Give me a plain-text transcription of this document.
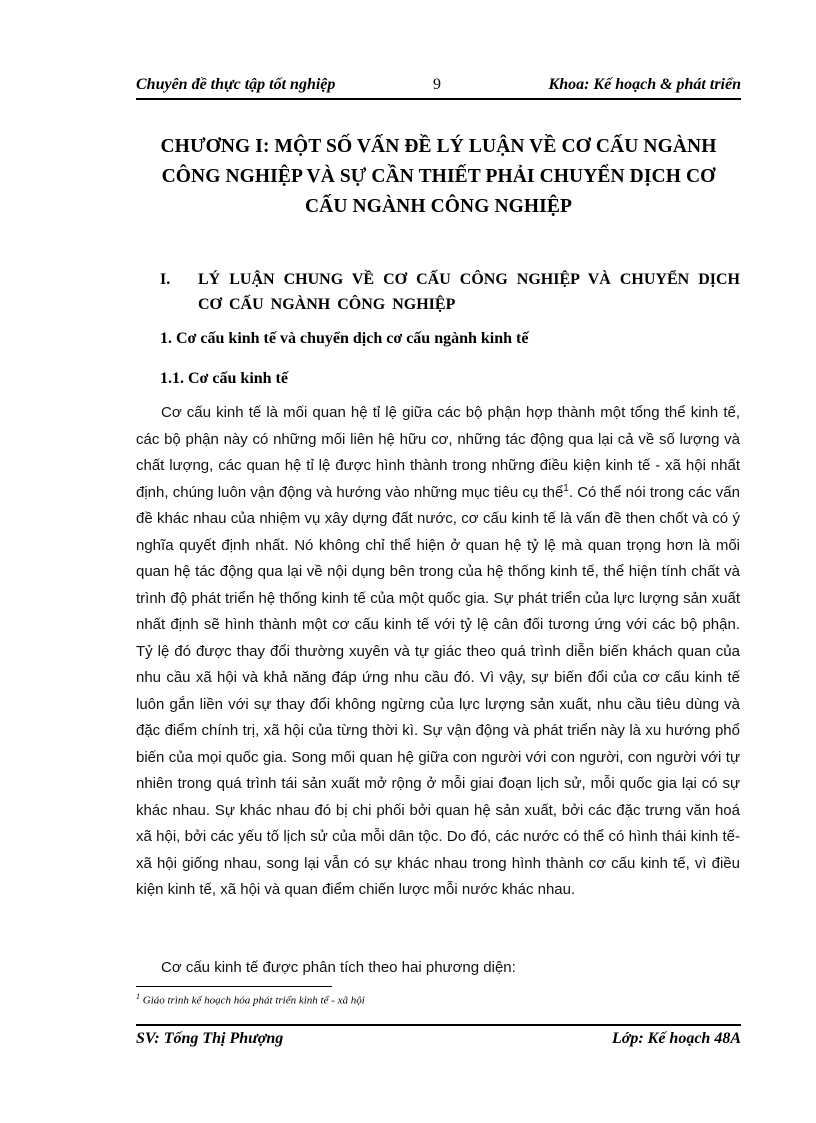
Chuyên đề thực tập tốt nghiệp	9	Khoa: Kế hoạch & phát triển
CHƯƠNG I: MỘT SỐ VẤN ĐỀ LÝ LUẬN VỀ CƠ CẤU NGÀNH
CÔNG NGHIỆP VÀ SỰ CẦN THIẾT PHẢI CHUYỂN DỊCH CƠ
CẤU NGÀNH CÔNG NGHIỆP
I. LÝ LUẬN CHUNG VỀ CƠ CẤU CÔNG NGHIỆP VÀ CHUYỂN DỊCH CƠ CẤU NGÀNH CÔNG NGHIỆP
1. Cơ cấu kinh tế và chuyển dịch cơ cấu ngành kinh tế
1.1. Cơ cấu kinh tế
Cơ cấu kinh tế là mối quan hệ tỉ lệ giữa các bộ phận hợp thành một tổng thể kinh tế, các bộ phận này có những mối liên hệ hữu cơ, những tác động qua lại cả về số lượng và chất lượng, các quan hệ tỉ lệ được hình thành trong những điều kiện kinh tế - xã hội nhất định, chúng luôn vận động và hướng vào những mục tiêu cụ thể$^1$. Có thể nói trong các vấn đề khác nhau của nhiệm vụ xây dựng đất nước, cơ cấu kinh tế là vấn đề then chốt và có ý nghĩa quyết định nhất. Nó không chỉ thể hiện ở quan hệ tỷ lệ mà quan trọng hơn là mối quan hệ tác động qua lại về nội dụng bên trong của hệ thống kinh tế, thể hiện tính chất và trình độ phát triển hệ thống kinh tế của một quốc gia. Sự phát triển của lực lượng sản xuất nhất định sẽ hình thành một cơ cấu kinh tế với tỷ lệ cân đối tương ứng với các bộ phận. Tỷ lệ đó được thay đổi thường xuyên và tự giác theo quá trình diễn biến khách quan của nhu cầu xã hội và khả năng đáp ứng nhu cầu đó. Vì vậy, sự biến đổi của cơ cấu kinh tế luôn gắn liền với sự thay đổi không ngừng của lực lượng sản xuất, nhu cầu tiêu dùng và đặc điểm chính trị, xã hội của từng thời kì. Sự vận động và phát triển này là xu hướng phổ biến của mọi quốc gia. Song mối quan hệ giữa con người với con người, con người với tự nhiên trong quá trình tái sản xuất mở rộng ở mỗi giai đoạn lịch sử, mỗi quốc gia lại có sự khác nhau. Sự khác nhau đó bị chi phối bởi quan hệ sản xuất, bởi các đặc trưng văn hoá xã hội, bởi các yếu tố lịch sử của mỗi dân tộc. Do đó, các nước có thể có hình thái kinh tế-xã hội giống nhau, song lại vẫn có sự khác nhau trong hình thành cơ cấu kinh tế, vì điều kiện kinh tế, xã hội và quan điểm chiến lược mỗi nước khác nhau.
Cơ cấu kinh tế được phân tích theo hai phương diện:
$^1$ Giáo trình kế hoạch hóa phát triển kinh tế - xã hội
SV: Tống Thị Phượng	Lớp: Kế hoạch 48A
